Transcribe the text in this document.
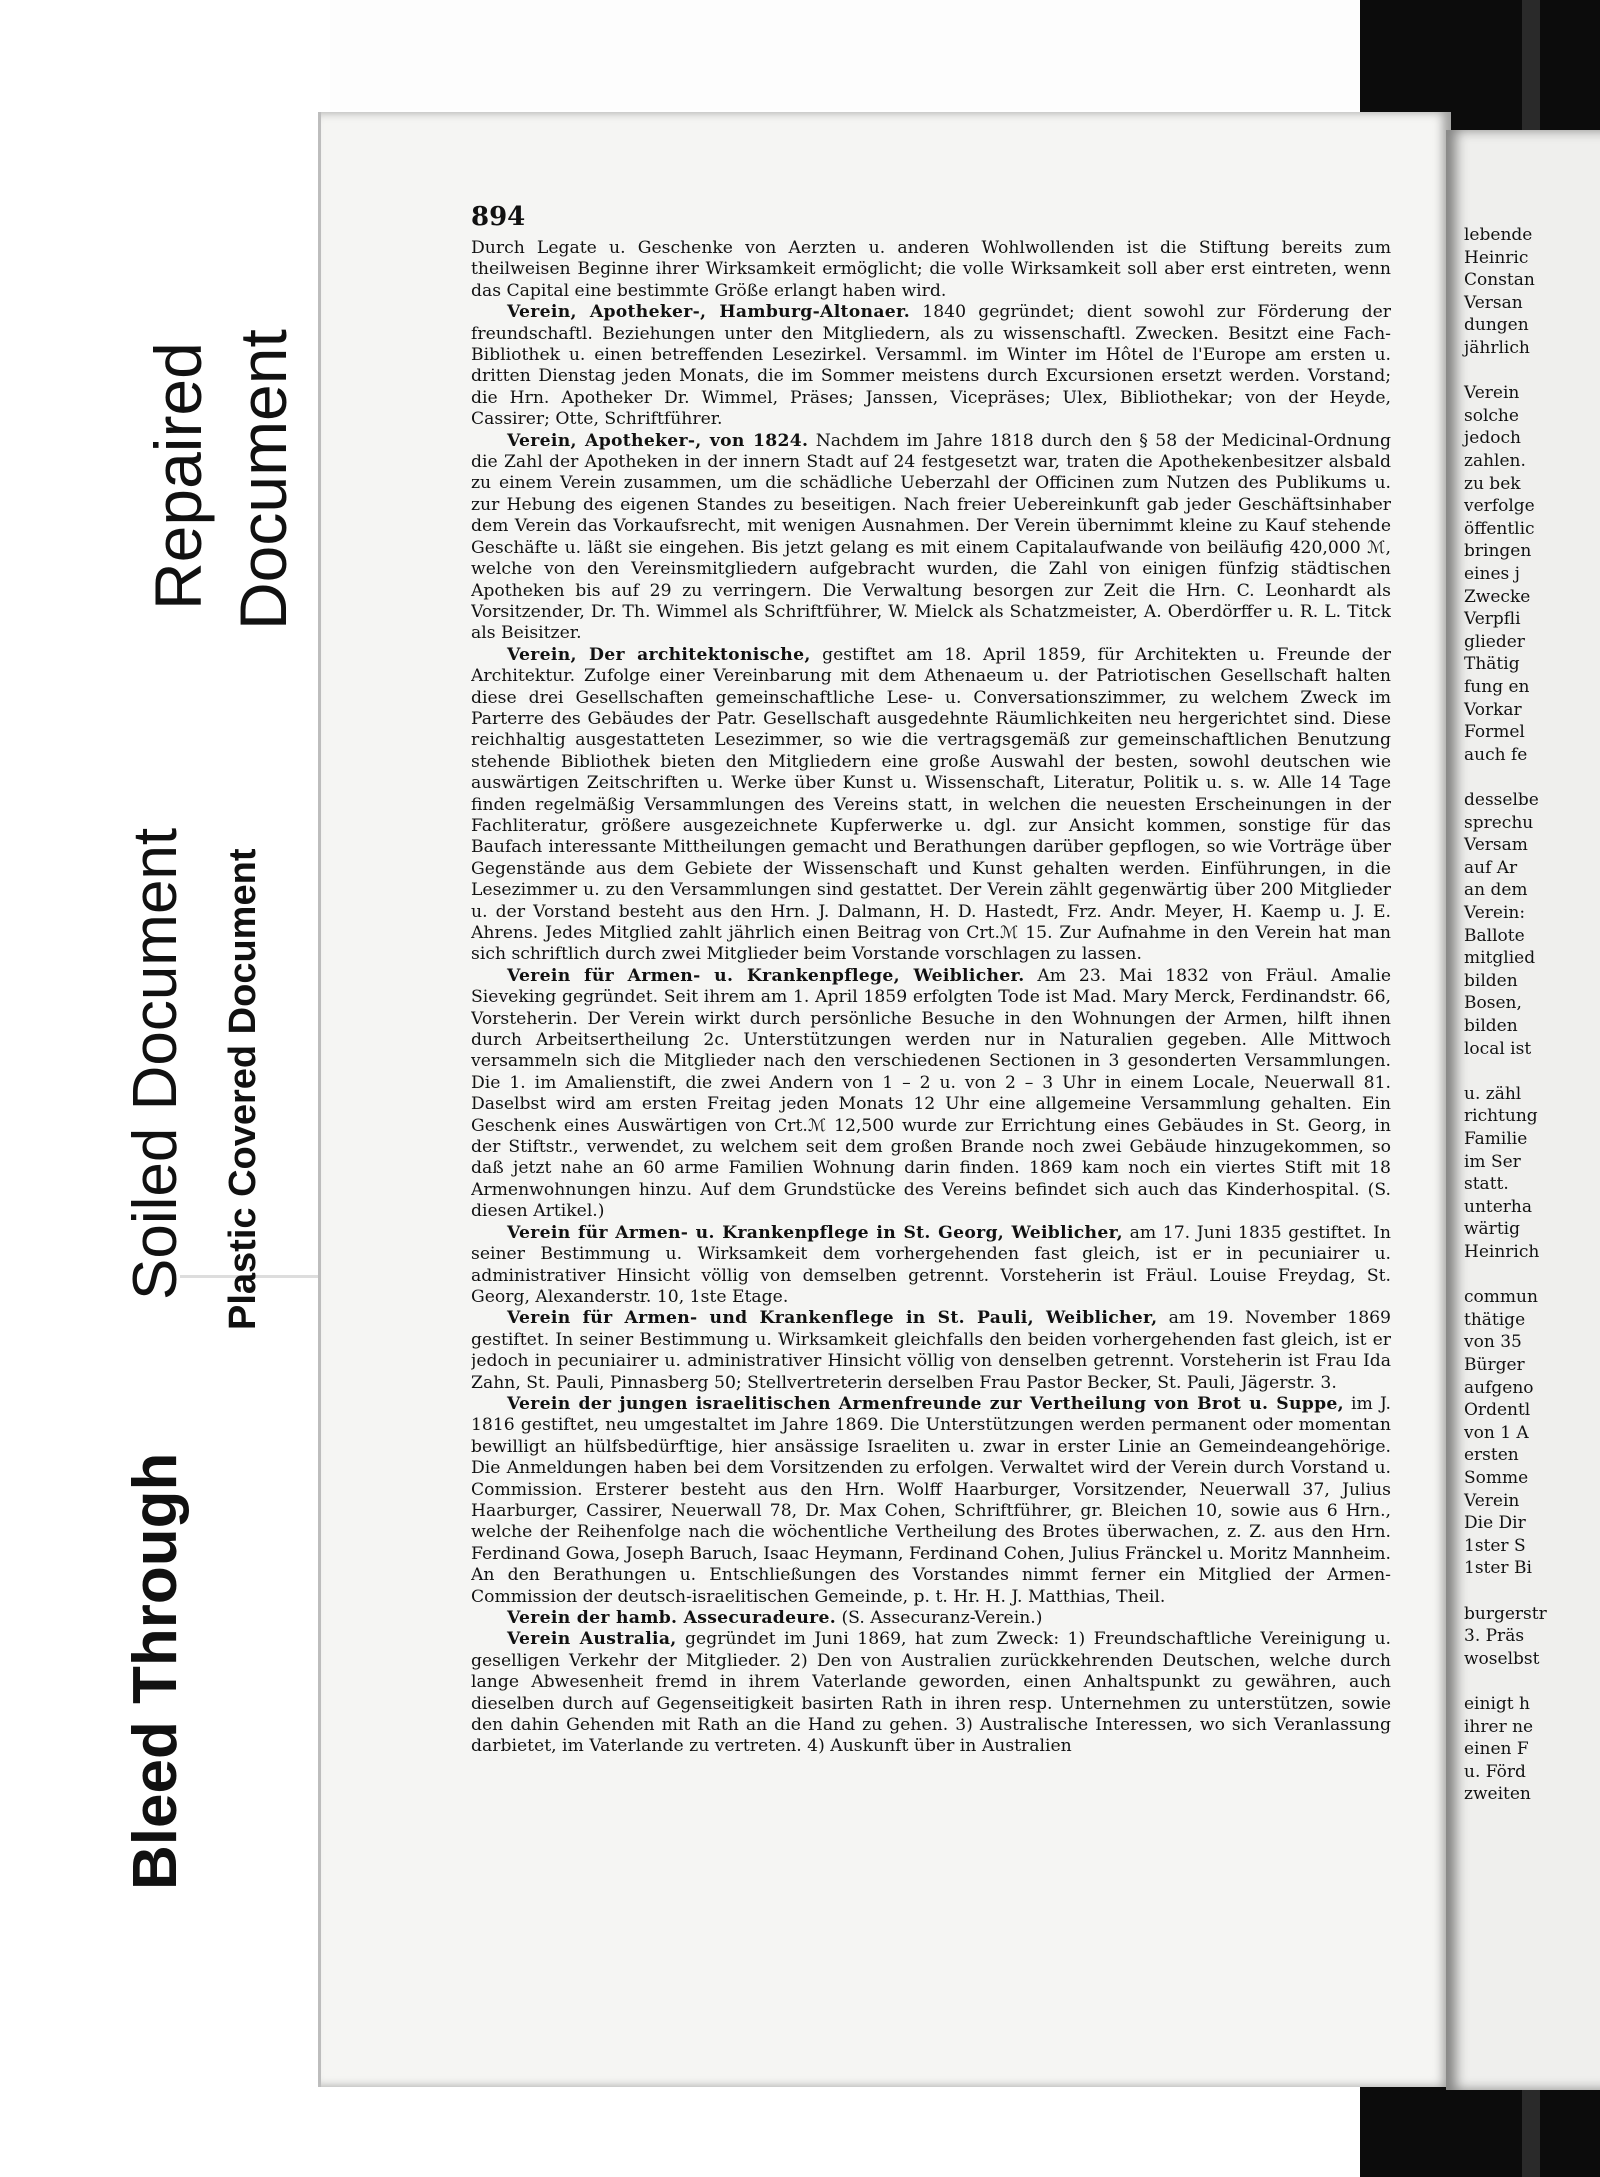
Repaired Document
Soiled Document Plastic Covered Document
Bleed Through
894

Durch Legate u. Geschenke von Aerzten u. anderen Wohlwollenden ist die Stiftung bereits zum theilweisen Beginne ihrer Wirksamkeit ermöglicht; die volle Wirksamkeit soll aber erst eintreten, wenn das Capital eine bestimmte Größe erlangt haben wird.

Verein, Apotheker-, Hamburg-Altonaer. 1840 gegründet; dient sowohl zur Förderung der freundschaftl. Beziehungen unter den Mitgliedern, als zu wissenschaftl. Zwecken. Besitzt eine Fach-Bibliothek u. einen betreffenden Lesezirkel. Versamml. im Winter im Hôtel de l'Europe am ersten u. dritten Dienstag jeden Monats, die im Sommer meistens durch Excursionen ersetzt werden. Vorstand; die Hrn. Apotheker Dr. Wimmel, Präses; Janssen, Vicepräses; Ulex, Bibliothekar; von der Heyde, Cassirer; Otte, Schriftführer.

Verein, Apotheker-, von 1824. Nachdem im Jahre 1818 durch den § 58 der Medicinal-Ordnung die Zahl der Apotheken in der innern Stadt auf 24 festgesetzt war, traten die Apothekenbesitzer alsbald zu einem Verein zusammen, um die schädliche Ueberzahl der Officinen zum Nutzen des Publikums u. zur Hebung des eigenen Standes zu beseitigen. Nach freier Uebereinkunft gab jeder Geschäftsinhaber dem Verein das Vorkaufsrecht, mit wenigen Ausnahmen. Der Verein übernimmt kleine zu Kauf stehende Geschäfte u. läßt sie eingehen. Bis jetzt gelang es mit einem Capitalaufwande von beiläufig 420,000 ℳ, welche von den Vereinsmitgliedern aufgebracht wurden, die Zahl von einigen fünfzig städtischen Apotheken bis auf 29 zu verringern. Die Verwaltung besorgen zur Zeit die Hrn. C. Leonhardt als Vorsitzender, Dr. Th. Wimmel als Schriftführer, W. Mielck als Schatzmeister, A. Oberdörffer u. R. L. Titck als Beisitzer.

Verein, Der architektonische, gestiftet am 18. April 1859, für Architekten u. Freunde der Architektur. Zufolge einer Vereinbarung mit dem Athenaeum u. der Patriotischen Gesellschaft halten diese drei Gesellschaften gemeinschaftliche Lese- u. Conversationszimmer, zu welchem Zweck im Parterre des Gebäudes der Patr. Gesellschaft ausgedehnte Räumlichkeiten neu hergerichtet sind. Diese reichhaltig ausgestatteten Lesezimmer, so wie die vertragsgemäß zur gemeinschaftlichen Benutzung stehende Bibliothek bieten den Mitgliedern eine große Auswahl der besten, sowohl deutschen wie auswärtigen Zeitschriften u. Werke über Kunst u. Wissenschaft, Literatur, Politik u. s. w. Alle 14 Tage finden regelmäßig Versammlungen des Vereins statt, in welchen die neuesten Erscheinungen in der Fachliteratur, größere ausgezeichnete Kupferwerke u. dgl. zur Ansicht kommen, sonstige für das Baufach interessante Mittheilungen gemacht und Berathungen darüber gepflogen, so wie Vorträge über Gegenstände aus dem Gebiete der Wissenschaft und Kunst gehalten werden. Einführungen, in die Lesezimmer u. zu den Versammlungen sind gestattet. Der Verein zählt gegenwärtig über 200 Mitglieder u. der Vorstand besteht aus den Hrn. J. Dalmann, H. D. Hastedt, Frz. Andr. Meyer, H. Kaemp u. J. E. Ahrens. Jedes Mitglied zahlt jährlich einen Beitrag von Crt.ℳ 15. Zur Aufnahme in den Verein hat man sich schriftlich durch zwei Mitglieder beim Vorstande vorschlagen zu lassen.

Verein für Armen- u. Krankenpflege, Weiblicher. Am 23. Mai 1832 von Fräul. Amalie Sieveking gegründet. Seit ihrem am 1. April 1859 erfolgten Tode ist Mad. Mary Merck, Ferdinandstr. 66, Vorsteherin. Der Verein wirkt durch persönliche Besuche in den Wohnungen der Armen, hilft ihnen durch Arbeitsertheilung 2c. Unterstützungen werden nur in Naturalien gegeben. Alle Mittwoch versammeln sich die Mitglieder nach den verschiedenen Sectionen in 3 gesonderten Versammlungen. Die 1. im Amalienstift, die zwei Andern von 1 – 2 u. von 2 – 3 Uhr in einem Locale, Neuerwall 81. Daselbst wird am ersten Freitag jeden Monats 12 Uhr eine allgemeine Versammlung gehalten. Ein Geschenk eines Auswärtigen von Crt.ℳ 12,500 wurde zur Errichtung eines Gebäudes in St. Georg, in der Stiftstr., verwendet, zu welchem seit dem großen Brande noch zwei Gebäude hinzugekommen, so daß jetzt nahe an 60 arme Familien Wohnung darin finden. 1869 kam noch ein viertes Stift mit 18 Armenwohnungen hinzu. Auf dem Grundstücke des Vereins befindet sich auch das Kinderhospital. (S. diesen Artikel.)

Verein für Armen- u. Krankenpflege in St. Georg, Weiblicher, am 17. Juni 1835 gestiftet. In seiner Bestimmung u. Wirksamkeit dem vorhergehenden fast gleich, ist er in pecuniairer u. administrativer Hinsicht völlig von demselben getrennt. Vorsteherin ist Fräul. Louise Freydag, St. Georg, Alexanderstr. 10, 1ste Etage.

Verein für Armen- und Krankenflege in St. Pauli, Weiblicher, am 19. November 1869 gestiftet. In seiner Bestimmung u. Wirksamkeit gleichfalls den beiden vorhergehenden fast gleich, ist er jedoch in pecuniairer u. administrativer Hinsicht völlig von denselben getrennt. Vorsteherin ist Frau Ida Zahn, St. Pauli, Pinnasberg 50; Stellvertreterin derselben Frau Pastor Becker, St. Pauli, Jägerstr. 3.

Verein der jungen israelitischen Armenfreunde zur Vertheilung von Brot u. Suppe, im J. 1816 gestiftet, neu umgestaltet im Jahre 1869. Die Unterstützungen werden permanent oder momentan bewilligt an hülfsbedürftige, hier ansässige Israeliten u. zwar in erster Linie an Gemeindeangehörige. Die Anmeldungen haben bei dem Vorsitzenden zu erfolgen. Verwaltet wird der Verein durch Vorstand u. Commission. Ersterer besteht aus den Hrn. Wolff Haarburger, Vorsitzender, Neuerwall 37, Julius Haarburger, Cassirer, Neuerwall 78, Dr. Max Cohen, Schriftführer, gr. Bleichen 10, sowie aus 6 Hrn., welche der Reihenfolge nach die wöchentliche Vertheilung des Brotes überwachen, z. Z. aus den Hrn. Ferdinand Gowa, Joseph Baruch, Isaac Heymann, Ferdinand Cohen, Julius Fränckel u. Moritz Mannheim. An den Berathungen u. Entschließungen des Vorstandes nimmt ferner ein Mitglied der Armen-Commission der deutsch-israelitischen Gemeinde, p. t. Hr. H. J. Matthias, Theil.

Verein der hamb. Assecuradeure. (S. Assecuranz-Verein.)

Verein Australia, gegründet im Juni 1869, hat zum Zweck: 1) Freundschaftliche Vereinigung u. geselligen Verkehr der Mitglieder. 2) Den von Australien zurückkehrenden Deutschen, welche durch lange Abwesenheit fremd in ihrem Vaterlande geworden, einen Anhaltspunkt zu gewähren, auch dieselben durch auf Gegenseitigkeit basirten Rath in ihren resp. Unternehmen zu unterstützen, sowie den dahin Gehenden mit Rath an die Hand zu gehen. 3) Australische Interessen, wo sich Veranlassung darbietet, im Vaterlande zu vertreten. 4) Auskunft über in Australien

lebende
Heinric
Constan
Versan
dungen
jährlich
Verein
solche
jedoch
zahlen.
zu bek
verfolge
öffentlic
bringen
eines j
Zwecke
Verpfli
glieder
Thätig
fung en
Vorkar
Formel
auch fe
desselbe
sprechu
Versam
auf Ar
an dem
Verein:
Ballote
mitglied
bilden
Bosen,
bilden
local ist
u. zähl
richtung
Familie
im Ser
statt.
unterha
wärtig
Heinrich
commun
thätige
von 35
Bürger
aufgeno
Ordentl
von 1 A
ersten
Somme
Verein
Die Dir
1ster S
1ster Bi
burgerstr
3. Präs
woselbst
einigt h
ihrer ne
einen F
u. Förd
zweiten
